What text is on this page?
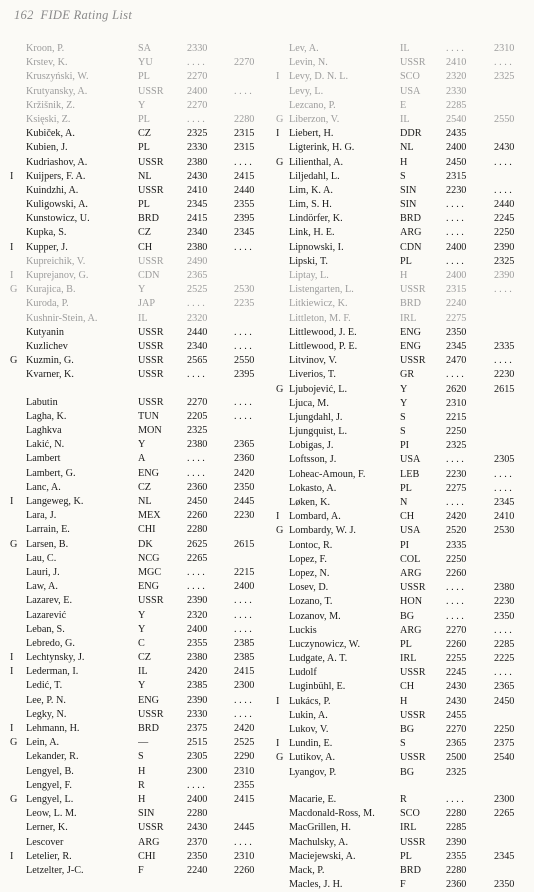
162 FIDE Rating List
Kroon, P.	SA	2330
Krstev, K.	YU	. . . .	2270
Kruszyński, W.	PL	2270
Krutyansky, A.	USSR	2400	. . . .
Kržišnik, Z.	Y	2270
Księski, Z.	PL	. . . .	2280
Kubiček, A.	CZ	2325	2315
Kubien, J.	PL	2330	2315
Kudriashov, A.	USSR	2380	. . . .
I	Kuijpers, F. A.	NL	2430	2415
Kuindzhi, A.	USSR	2410	2440
Kuligowski, A.	PL	2345	2355
Kunstowicz, U.	BRD	2415	2395
Kupka, S.	CZ	2340	2345
I	Kupper, J.	CH	2380	. . . .
Kupreichik, V.	USSR	2490
I	Kuprejanov, G.	CDN	2365
G Kurajica, B.	Y	2525	2530
Kuroda, P.	JAP	. . . .	2235
Kushnir-Stein, A.	IL	2320
Kutyanin	USSR	2440	. . . .
Kuzlichev	USSR	2340	. . . .
G Kuzmin, G.	USSR	2565	2550
Kvarner, K.	USSR	. . . .	2395
Labutin	USSR	2270	. . . .
Lagha, K.	TUN	2205	. . . .
Laghkva	MON	2325
Lakić, N.	Y	2380	2365
Lambert	A	. . . .	2360
Lambert, G.	ENG	. . . .	2420
Lanc, A.	CZ	2360	2350
I	Langeweg, K.	NL	2450	2445
Lara, J.	MEX	2260	2230
Larrain, E.	CHI	2280
G Larsen, B.	DK	2625	2615
Lau, C.	NCG	2265
Lauri, J.	MGC	. . . .	2215
Law, A.	ENG	. . . .	2400
Lazarev, E.	USSR	2390	. . . .
Lazarević	Y	2320	. . . .
Leban, S.	Y	2400	. . . .
Lebredo, G.	C	2355	2385
I	Lechtynsky, J.	CZ	2380	2385
I	Lederman, I.	IL	2420	2415
Ledić, T.	Y	2385	2300
Lee, P. N.	ENG	2390	. . . .
Legky, N.	USSR	2330	. . . .
I	Lehmann, H.	BRD	2375	2420
G Lein, A.	—	2515	2525
Lekander, R.	S	2305	2290
Lengyel, B.	H	2300	2310
Lengyel, F.	R	. . . .	2355
G Lengyel, L.	H	2400	2415
Leow, L. M.	SIN	2280
Lerner, K.	USSR	2430	2445
Lescover	ARG	2370	. . . .
I	Letelier, R.	CHI	2350	2310
Letzelter, J-C.	F	2240	2260
Lev, A.	IL	. . . .	2310
Levin, N.	USSR	2410	. . . .
I Levy, D. N. L.	SCO	2320	2325
Levy, L.	USA	2330
Lezcano, P.	E	2285
G Liberzon, V.	IL	2540	2550
I Liebert, H.	DDR	2435
Ligterink, H. G.	NL	2400	2430
G Lilienthal, A.	H	2450	. . . .
Liljedahl, L.	S	2315
Lim, K. A.	SIN	2230	. . . .
Lim, S. H.	SIN	. . . .	2440
Lindörfer, K.	BRD	. . . .	2245
Link, H. E.	ARG	. . . .	2250
Lipnowski, I.	CDN	2400	2390
Lipski, T.	PL	. . . .	2325
Liptay, L.	H	2400	2390
Listengarten, L.	USSR	2315	. . . .
Litkiewicz, K.	BRD	2240
Littleton, M. F.	IRL	2275
Littlewood, J. E.	ENG	2350
Littlewood, P. E.	ENG	2345	2335
Litvinov, V.	USSR	2470	. . . .
Liverios, T.	GR	. . . .	2230
G Ljubojević, L.	Y	2620	2615
Ljuca, M.	Y	2310
Ljungdahl, J.	S	2215
Ljungquist, L.	S	2250
Lobigas, J.	PI	2325
Loftsson, J.	USA	. . . .	2305
Loheac-Amoun, F.	LEB	2230	. . . .
Lokasto, A.	PL	2275	. . . .
Løken, K.	N	. . . .	2345
I Lombard, A.	CH	2420	2410
G Lombardy, W. J.	USA	2520	2530
Lontoc, R.	PI	2335
Lopez, F.	COL	2250
Lopez, N.	ARG	2260
Losev, D.	USSR	. . . .	2380
Lozano, T.	HON	. . . .	2230
Lozanov, M.	BG	. . . .	2350
Luckis	ARG	2270	. . . .
Luczynowicz, W.	PL	2260	2285
Ludgate, A. T.	IRL	2255	2225
Ludolf	USSR	2245	. . . .
Luginbühl, E.	CH	2430	2365
I Lukács, P.	H	2430	2450
Lukin, A.	USSR	2455
Lukov, V.	BG	2270	2250
I Lundin, E.	S	2365	2375
G Lutikov, A.	USSR	2500	2540
Lyangov, P.	BG	2325
Macarie, E.	R	. . . .	2300
Macdonald-Ross, M.	SCO	2280	2265
MacGrillen, H.	IRL	2285
Machulsky, A.	USSR	2390
Maciejewski, A.	PL	2355	2345
Mack, P.	BRD	2280
Macles, J. H.	F	2360	2350
